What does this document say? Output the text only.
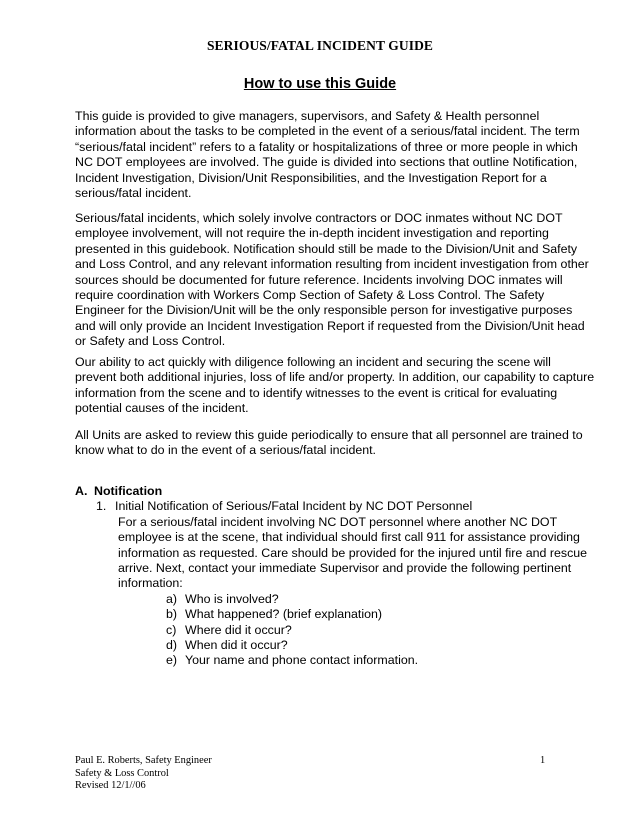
SERIOUS/FATAL INCIDENT GUIDE
How to use this Guide

This guide is provided to give managers, supervisors, and Safety & Health personnel information about the tasks to be completed in the event of a serious/fatal incident. The term “serious/fatal incident” refers to a fatality or hospitalizations of three or more people in which NC DOT employees are involved. The guide is divided into sections that outline Notification, Incident Investigation, Division/Unit Responsibilities, and the Investigation Report for a serious/fatal incident.

Serious/fatal incidents, which solely involve contractors or DOC inmates without NC DOT employee involvement, will not require the in-depth incident investigation and reporting presented in this guidebook. Notification should still be made to the Division/Unit and Safety and Loss Control, and any relevant information resulting from incident investigation from other sources should be documented for future reference. Incidents involving DOC inmates will require coordination with Workers Comp Section of Safety & Loss Control. The Safety Engineer for the Division/Unit will be the only responsible person for investigative purposes and will only provide an Incident Investigation Report if requested from the Division/Unit head or Safety and Loss Control.

Our ability to act quickly with diligence following an incident and securing the scene will prevent both additional injuries, loss of life and/or property. In addition, our capability to capture information from the scene and to identify witnesses to the event is critical for evaluating potential causes of the incident.

All Units are asked to review this guide periodically to ensure that all personnel are trained to know what to do in the event of a serious/fatal incident.

A. Notification
1. Initial Notification of Serious/Fatal Incident by NC DOT Personnel
For a serious/fatal incident involving NC DOT personnel where another NC DOT employee is at the scene, that individual should first call 911 for assistance providing information as requested. Care should be provided for the injured until fire and rescue arrive. Next, contact your immediate Supervisor and provide the following pertinent information:
a) Who is involved?
b) What happened? (brief explanation)
c) Where did it occur?
d) When did it occur?
e) Your name and phone contact information.
Paul E. Roberts, Safety Engineer
Safety & Loss Control
Revised 12/1//06
1
